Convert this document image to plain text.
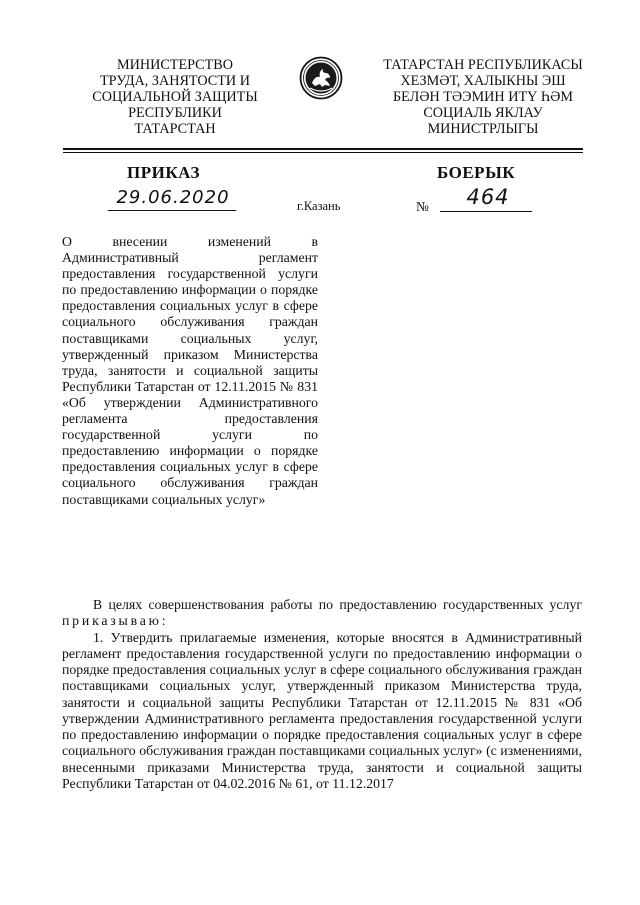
МИНИСТЕРСТВО
ТРУДА, ЗАНЯТОСТИ И
СОЦИАЛЬНОЙ ЗАЩИТЫ
РЕСПУБЛИКИ
ТАТАРСТАН
ТАТАРСТАН РЕСПУБЛИКАСЫ
ХЕЗМӘТ, ХАЛЫКНЫ ЭШ
БЕЛӘН ТӘЭМИН ИТҮ ҺӘМ
СОЦИАЛЬ ЯКЛАУ
МИНИСТРЛЫГЫ
ПРИКАЗ	БОЕРЫК
29.06.2020	г.Казань	№	464

О внесении изменений в Административный регламент предоставления государственной услуги по предоставлению информации о порядке предоставления социальных услуг в сфере социального обслуживания граждан поставщиками социальных услуг, утвержденный приказом Министерства труда, занятости и социальной защиты Республики Татарстан от 12.11.2015 № 831 «Об утверждении Административного регламента предоставления государственной услуги по предоставлению информации о порядке предоставления социальных услуг в сфере социального обслуживания граждан поставщиками социальных услуг»

В целях совершенствования работы по предоставлению государственных услуг приказываю:

1. Утвердить прилагаемые изменения, которые вносятся в Административный регламент предоставления государственной услуги по предоставлению информации о порядке предоставления социальных услуг в сфере социального обслуживания граждан поставщиками социальных услуг, утвержденный приказом Министерства труда, занятости и социальной защиты Республики Татарстан от 12.11.2015 № 831 «Об утверждении Административного регламента предоставления государственной услуги по предоставлению информации о порядке предоставления социальных услуг в сфере социального обслуживания граждан поставщиками социальных услуг» (с изменениями, внесенными приказами Министерства труда, занятости и социальной защиты Республики Татарстан от 04.02.2016 № 61, от 11.12.2017
